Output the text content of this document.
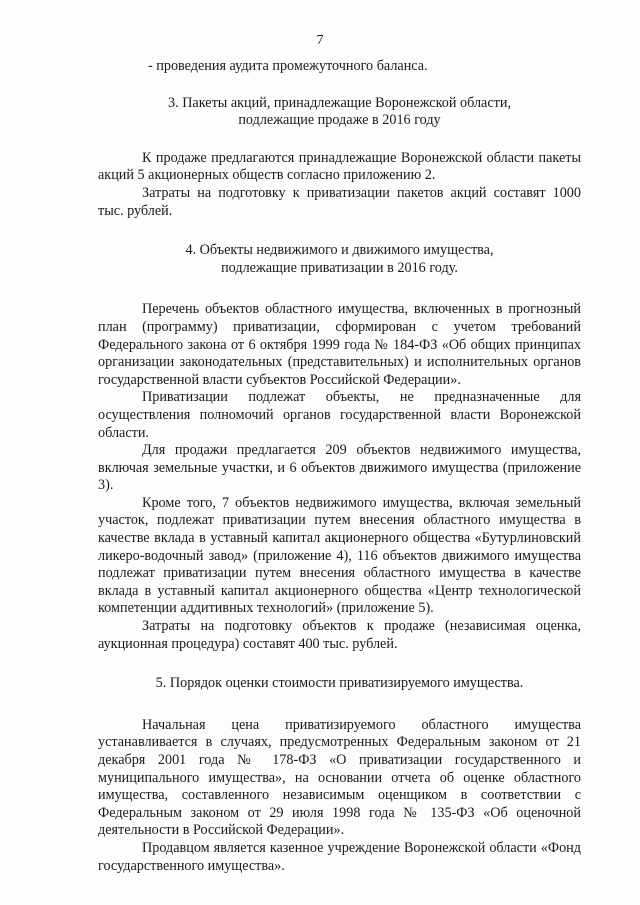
7

- проведения аудита промежуточного баланса.

3. Пакеты акций, принадлежащие Воронежской области,
подлежащие продаже в 2016 году

К продаже предлагаются принадлежащие Воронежской области пакеты акций 5 акционерных обществ согласно приложению 2.

Затраты на подготовку к приватизации пакетов акций составят 1000 тыс. рублей.

4. Объекты недвижимого и движимого имущества,
подлежащие приватизации в 2016 году.

Перечень объектов областного имущества, включенных в прогнозный план (программу) приватизации, сформирован с учетом требований Федерального закона от 6 октября 1999 года № 184-ФЗ «Об общих принципах организации законодательных (представительных) и исполнительных органов государственной власти субъектов Российской Федерации».

Приватизации подлежат объекты, не предназначенные для осуществления полномочий органов государственной власти Воронежской области.

Для продажи предлагается 209 объектов недвижимого имущества, включая земельные участки, и 6 объектов движимого имущества (приложение 3).

Кроме того, 7 объектов недвижимого имущества, включая земельный участок, подлежат приватизации путем внесения областного имущества в качестве вклада в уставный капитал акционерного общества «Бутурлиновский ликеро-водочный завод» (приложение 4), 116 объектов движимого имущества подлежат приватизации путем внесения областного имущества в качестве вклада в уставный капитал акционерного общества «Центр технологической компетенции аддитивных технологий» (приложение 5).

Затраты на подготовку объектов к продаже (независимая оценка, аукционная процедура) составят 400 тыс. рублей.

5. Порядок оценки стоимости приватизируемого имущества.

Начальная цена приватизируемого областного имущества устанавливается в случаях, предусмотренных Федеральным законом от 21 декабря 2001 года № 178-ФЗ «О приватизации государственного и муниципального имущества», на основании отчета об оценке областного имущества, составленного независимым оценщиком в соответствии с Федеральным законом от 29 июля 1998 года № 135-ФЗ «Об оценочной деятельности в Российской Федерации».

Продавцом является казенное учреждение Воронежской области «Фонд государственного имущества».
